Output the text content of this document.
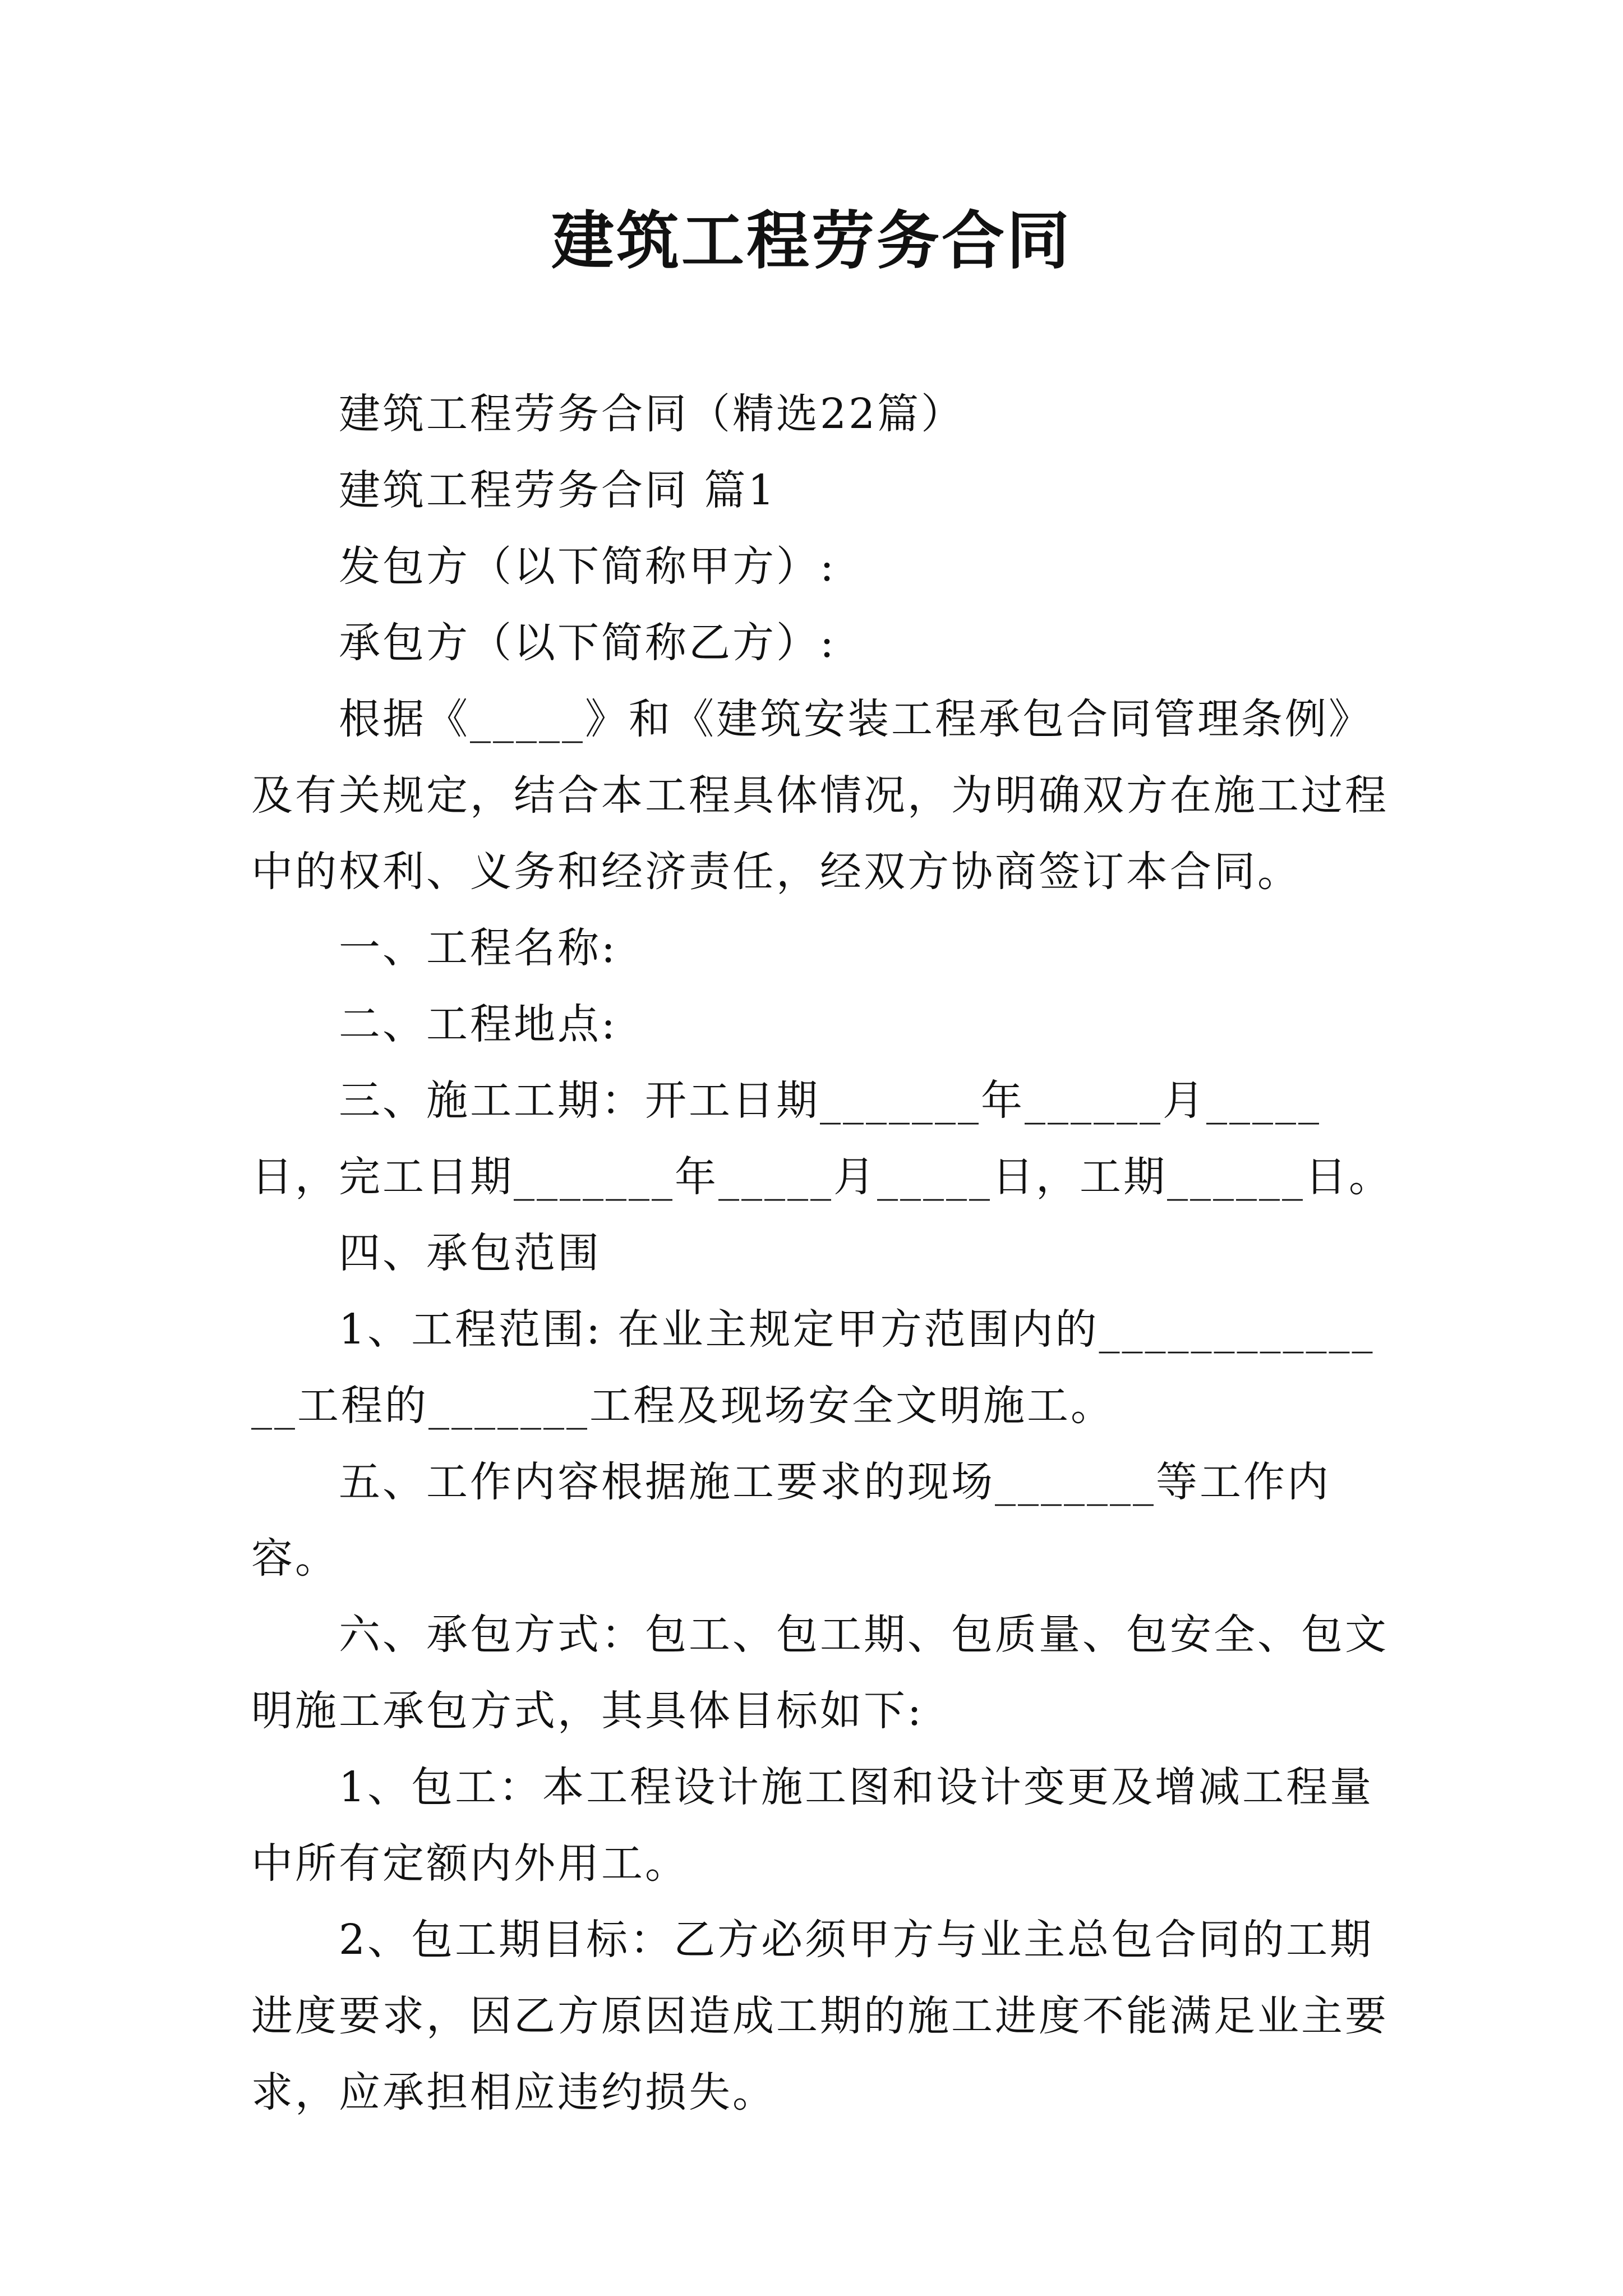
建筑工程劳务合同

建筑工程劳务合同（精选22篇）

建筑工程劳务合同 篇1

发包方（以下简称甲方）:

承包方（以下简称乙方）:

根据《_____》和《建筑安装工程承包合同管理条例》及有关规定，结合本工程具体情况，为明确双方在施工过程中的权利、义务和经济责任，经双方协商签订本合同。

一、工程名称:

二、工程地点:

三、施工工期：开工日期_______年______月_____日，完工日期_______年_____月_____日，工期______日。

四、承包范围

1、工程范围: 在业主规定甲方范围内的______________工程的_______工程及现场安全文明施工。

五、工作内容根据施工要求的现场_______等工作内容。

六、承包方式：包工、包工期、包质量、包安全、包文明施工承包方式，其具体目标如下:

1、包工：本工程设计施工图和设计变更及增减工程量中所有定额内外用工。

2、包工期目标：乙方必须甲方与业主总包合同的工期进度要求，因乙方原因造成工期的施工进度不能满足业主要求，应承担相应违约损失。
